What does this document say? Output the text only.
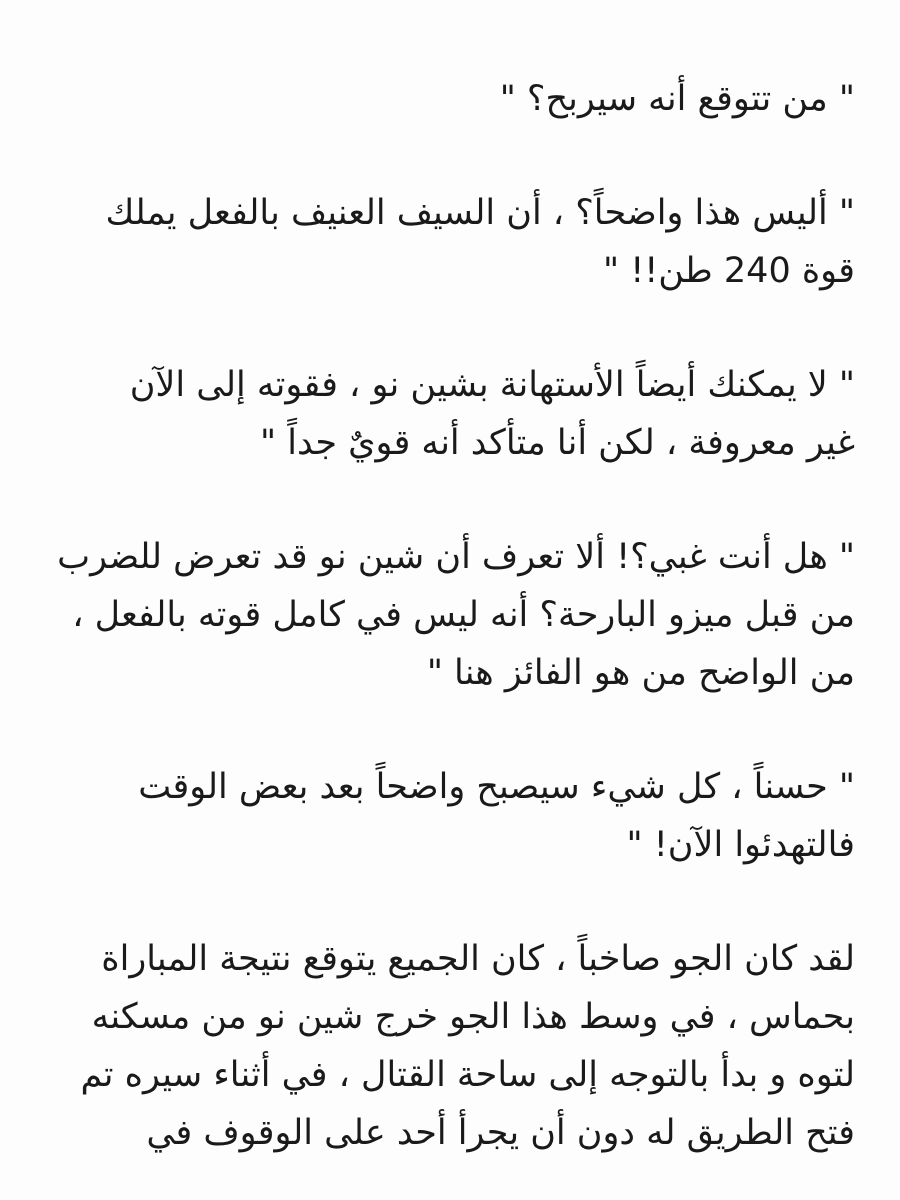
" من تتوقع أنه سيربح؟ "

" أليس هذا واضحاً؟ ، أن السيف العنيف بالفعل يملك
قوة 240 طن!! "

" لا يمكنك أيضاً الأستهانة بشين نو ، فقوته إلى الآن
غير معروفة ، لكن أنا متأكد أنه قويٌ جداً "

" هل أنت غبي؟! ألا تعرف أن شين نو قد تعرض للضرب
من قبل ميزو البارحة؟ أنه ليس في كامل قوته بالفعل ،
من الواضح من هو الفائز هنا "

" حسناً ، كل شيء سيصبح واضحاً بعد بعض الوقت
فالتهدئوا الآن! "

لقد كان الجو صاخباً ، كان الجميع يتوقع نتيجة المباراة
بحماس ، في وسط هذا الجو خرج شين نو من مسكنه
لتوه و بدأ بالتوجه إلى ساحة القتال ، في أثناء سيره تم
فتح الطريق له دون أن يجرأ أحد على الوقوف في
